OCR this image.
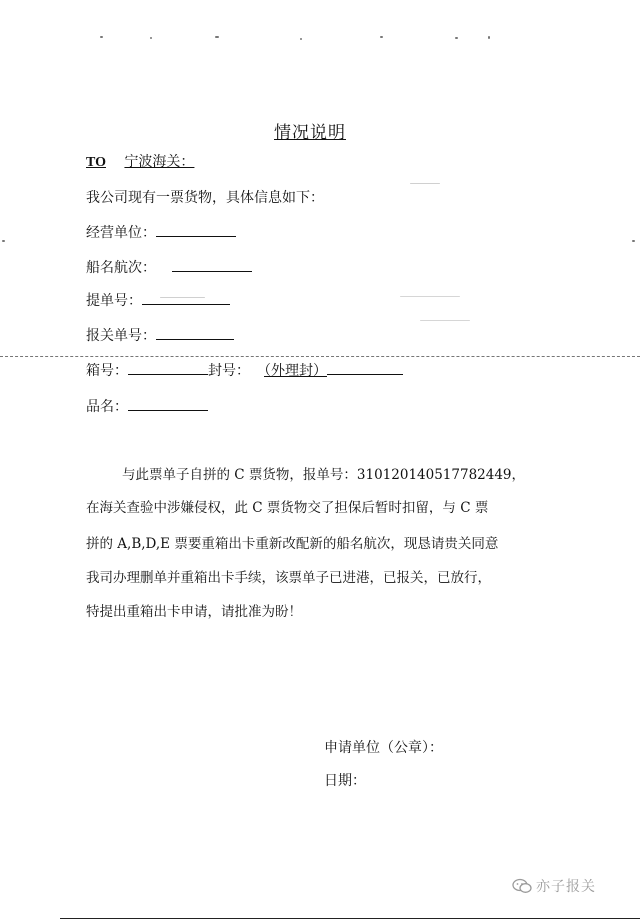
情况说明
TO 宁波海关：
我公司现有一票货物，具体信息如下：
经营单位：
船名航次：
提单号：
报关单号：
箱号：	封号： （外理封）
品名：
与此票单子自拼的 C 票货物，报单号：310120140517782449，
在海关查验中涉嫌侵权，此 C 票货物交了担保后暂时扣留，与 C 票
拼的 A,B,D,E 票要重箱出卡重新改配新的船名航次，现恳请贵关同意
我司办理删单并重箱出卡手续，该票单子已进港，已报关，已放行，
特提出重箱出卡申请，请批准为盼！
申请单位（公章）：
日期：
亦子报关
